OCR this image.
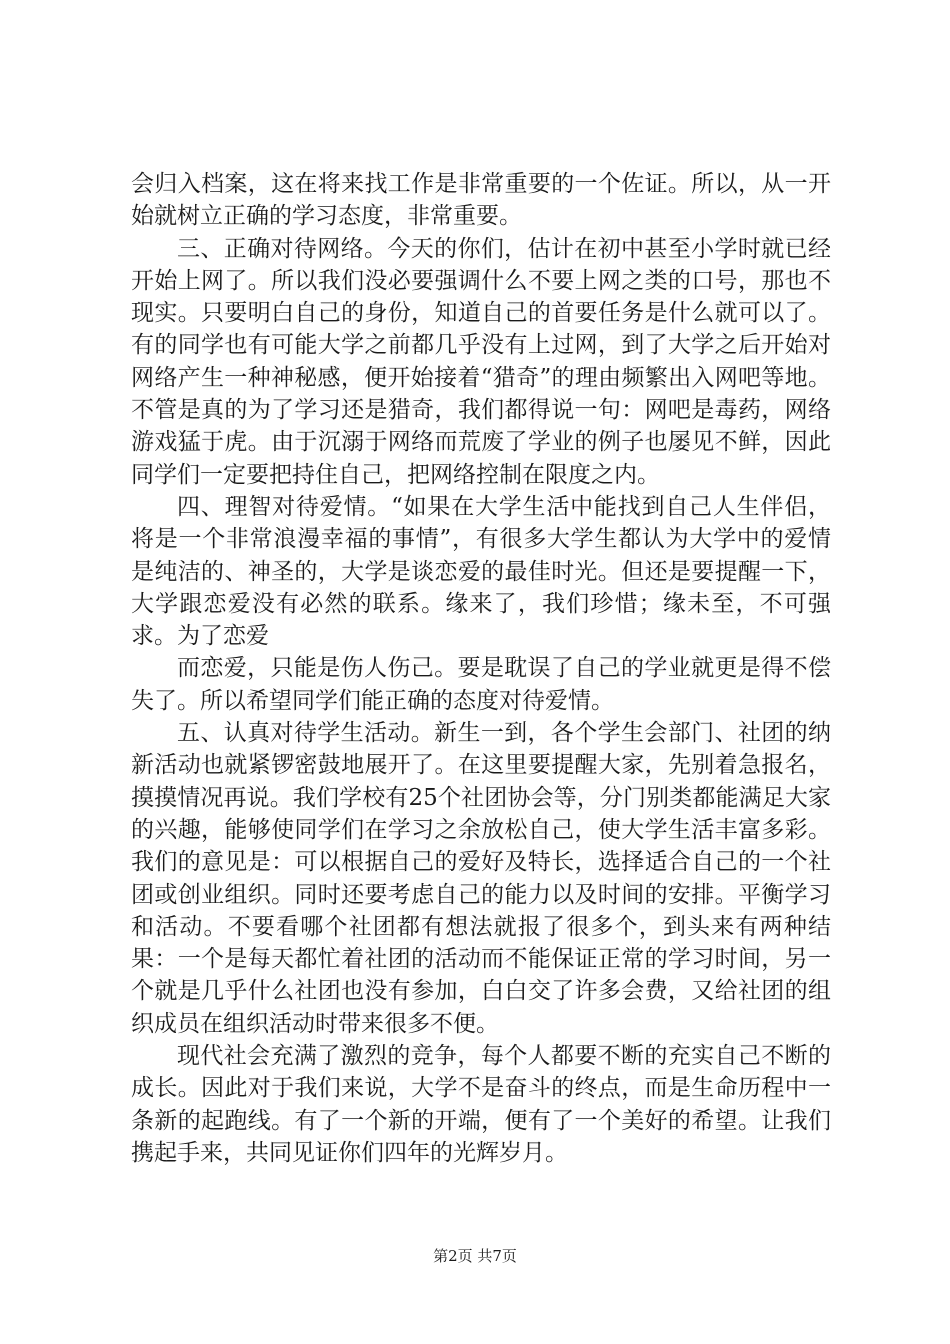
会归入档案，这在将来找工作是非常重要的一个佐证。所以，从一开始就树立正确的学习态度，非常重要。

三、正确对待网络。今天的你们，估计在初中甚至小学时就已经开始上网了。所以我们没必要强调什么不要上网之类的口号，那也不现实。只要明白自己的身份，知道自己的首要任务是什么就可以了。有的同学也有可能大学之前都几乎没有上过网，到了大学之后开始对网络产生一种神秘感，便开始接着“猎奇”的理由频繁出入网吧等地。不管是真的为了学习还是猎奇，我们都得说一句：网吧是毒药，网络游戏猛于虎。由于沉溺于网络而荒废了学业的例子也屡见不鲜，因此同学们一定要把持住自己，把网络控制在限度之内。

四、理智对待爱情。“如果在大学生活中能找到自己人生伴侣，将是一个非常浪漫幸福的事情”，有很多大学生都认为大学中的爱情是纯洁的、神圣的，大学是谈恋爱的最佳时光。但还是要提醒一下，大学跟恋爱没有必然的联系。缘来了，我们珍惜；缘未至，不可强求。为了恋爱

而恋爱，只能是伤人伤己。要是耽误了自己的学业就更是得不偿失了。所以希望同学们能正确的态度对待爱情。

五、认真对待学生活动。新生一到，各个学生会部门、社团的纳新活动也就紧锣密鼓地展开了。在这里要提醒大家，先别着急报名，摸摸情况再说。我们学校有25个社团协会等，分门别类都能满足大家的兴趣，能够使同学们在学习之余放松自己，使大学生活丰富多彩。我们的意见是：可以根据自己的爱好及特长，选择适合自己的一个社团或创业组织。同时还要考虑自己的能力以及时间的安排。平衡学习和活动。不要看哪个社团都有想法就报了很多个，到头来有两种结果：一个是每天都忙着社团的活动而不能保证正常的学习时间，另一个就是几乎什么社团也没有参加，白白交了许多会费，又给社团的组织成员在组织活动时带来很多不便。

现代社会充满了激烈的竞争，每个人都要不断的充实自己不断的成长。因此对于我们来说，大学不是奋斗的终点，而是生命历程中一条新的起跑线。有了一个新的开端，便有了一个美好的希望。让我们携起手来，共同见证你们四年的光辉岁月。

第2页 共7页
